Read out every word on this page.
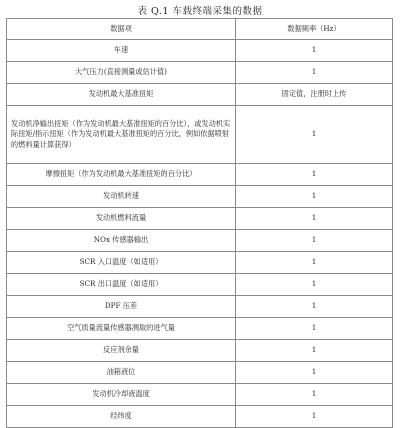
表 Q.1 车载终端采集的数据
数据项	数据频率（Hz）
车速	1
大气压力(直接测量或估计值)	1
发动机最大基准扭矩	固定值，注册时上传
发动机净输出扭矩（作为发动机最大基准扭矩的百分比），或发动机实际扭矩/指示扭矩（作为发动机最大基准扭矩的百分比，例如依据喷射的燃料量计算获得）	1
摩擦扭矩（作为发动机最大基准扭矩的百分比）	1
发动机转速	1
发动机燃料流量	1
NOx 传感器输出	1
SCR 入口温度（如适用）	1
SCR 出口温度（如适用）	1
DPF 压差	1
空气质量流量传感器测取的进气量	1
反应剂余量	1
油箱液位	1
发动机冷却液温度	1
经纬度	1
